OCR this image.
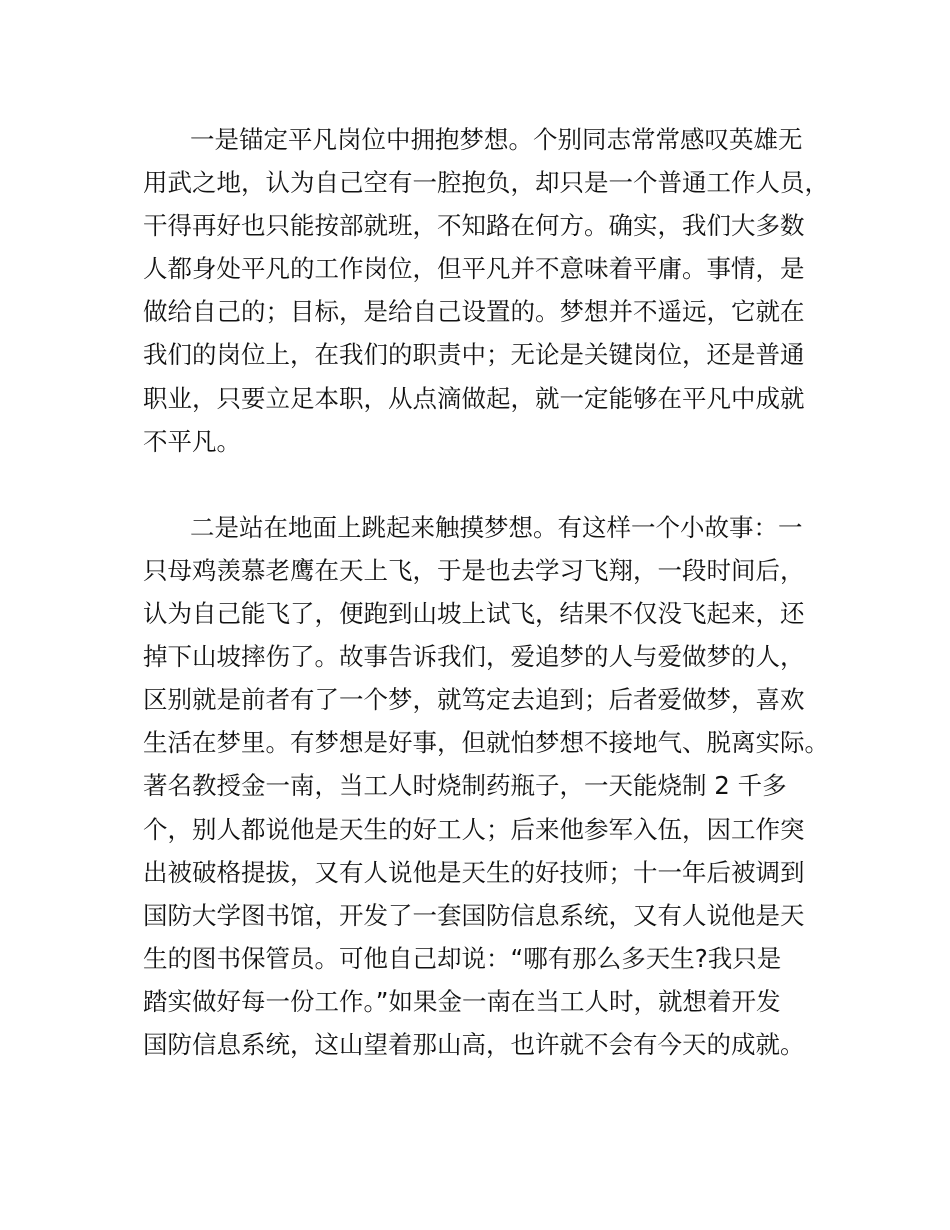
一是锚定平凡岗位中拥抱梦想。个别同志常常感叹英雄无
用武之地，认为自己空有一腔抱负，却只是一个普通工作人员，
干得再好也只能按部就班，不知路在何方。确实，我们大多数
人都身处平凡的工作岗位，但平凡并不意味着平庸。事情，是
做给自己的；目标，是给自己设置的。梦想并不遥远，它就在
我们的岗位上，在我们的职责中；无论是关键岗位，还是普通
职业，只要立足本职，从点滴做起，就一定能够在平凡中成就
不平凡。
二是站在地面上跳起来触摸梦想。有这样一个小故事：一
只母鸡羡慕老鹰在天上飞，于是也去学习飞翔，一段时间后，
认为自己能飞了，便跑到山坡上试飞，结果不仅没飞起来，还
掉下山坡摔伤了。故事告诉我们，爱追梦的人与爱做梦的人，
区别就是前者有了一个梦，就笃定去追到；后者爱做梦，喜欢
生活在梦里。有梦想是好事，但就怕梦想不接地气、脱离实际。
著名教授金一南，当工人时烧制药瓶子，一天能烧制 2 千多
个，别人都说他是天生的好工人；后来他参军入伍，因工作突
出被破格提拔，又有人说他是天生的好技师；十一年后被调到
国防大学图书馆，开发了一套国防信息系统，又有人说他是天
生的图书保管员。可他自己却说：“哪有那么多天生?我只是
踏实做好每一份工作。”如果金一南在当工人时，就想着开发
国防信息系统，这山望着那山高，也许就不会有今天的成就。
